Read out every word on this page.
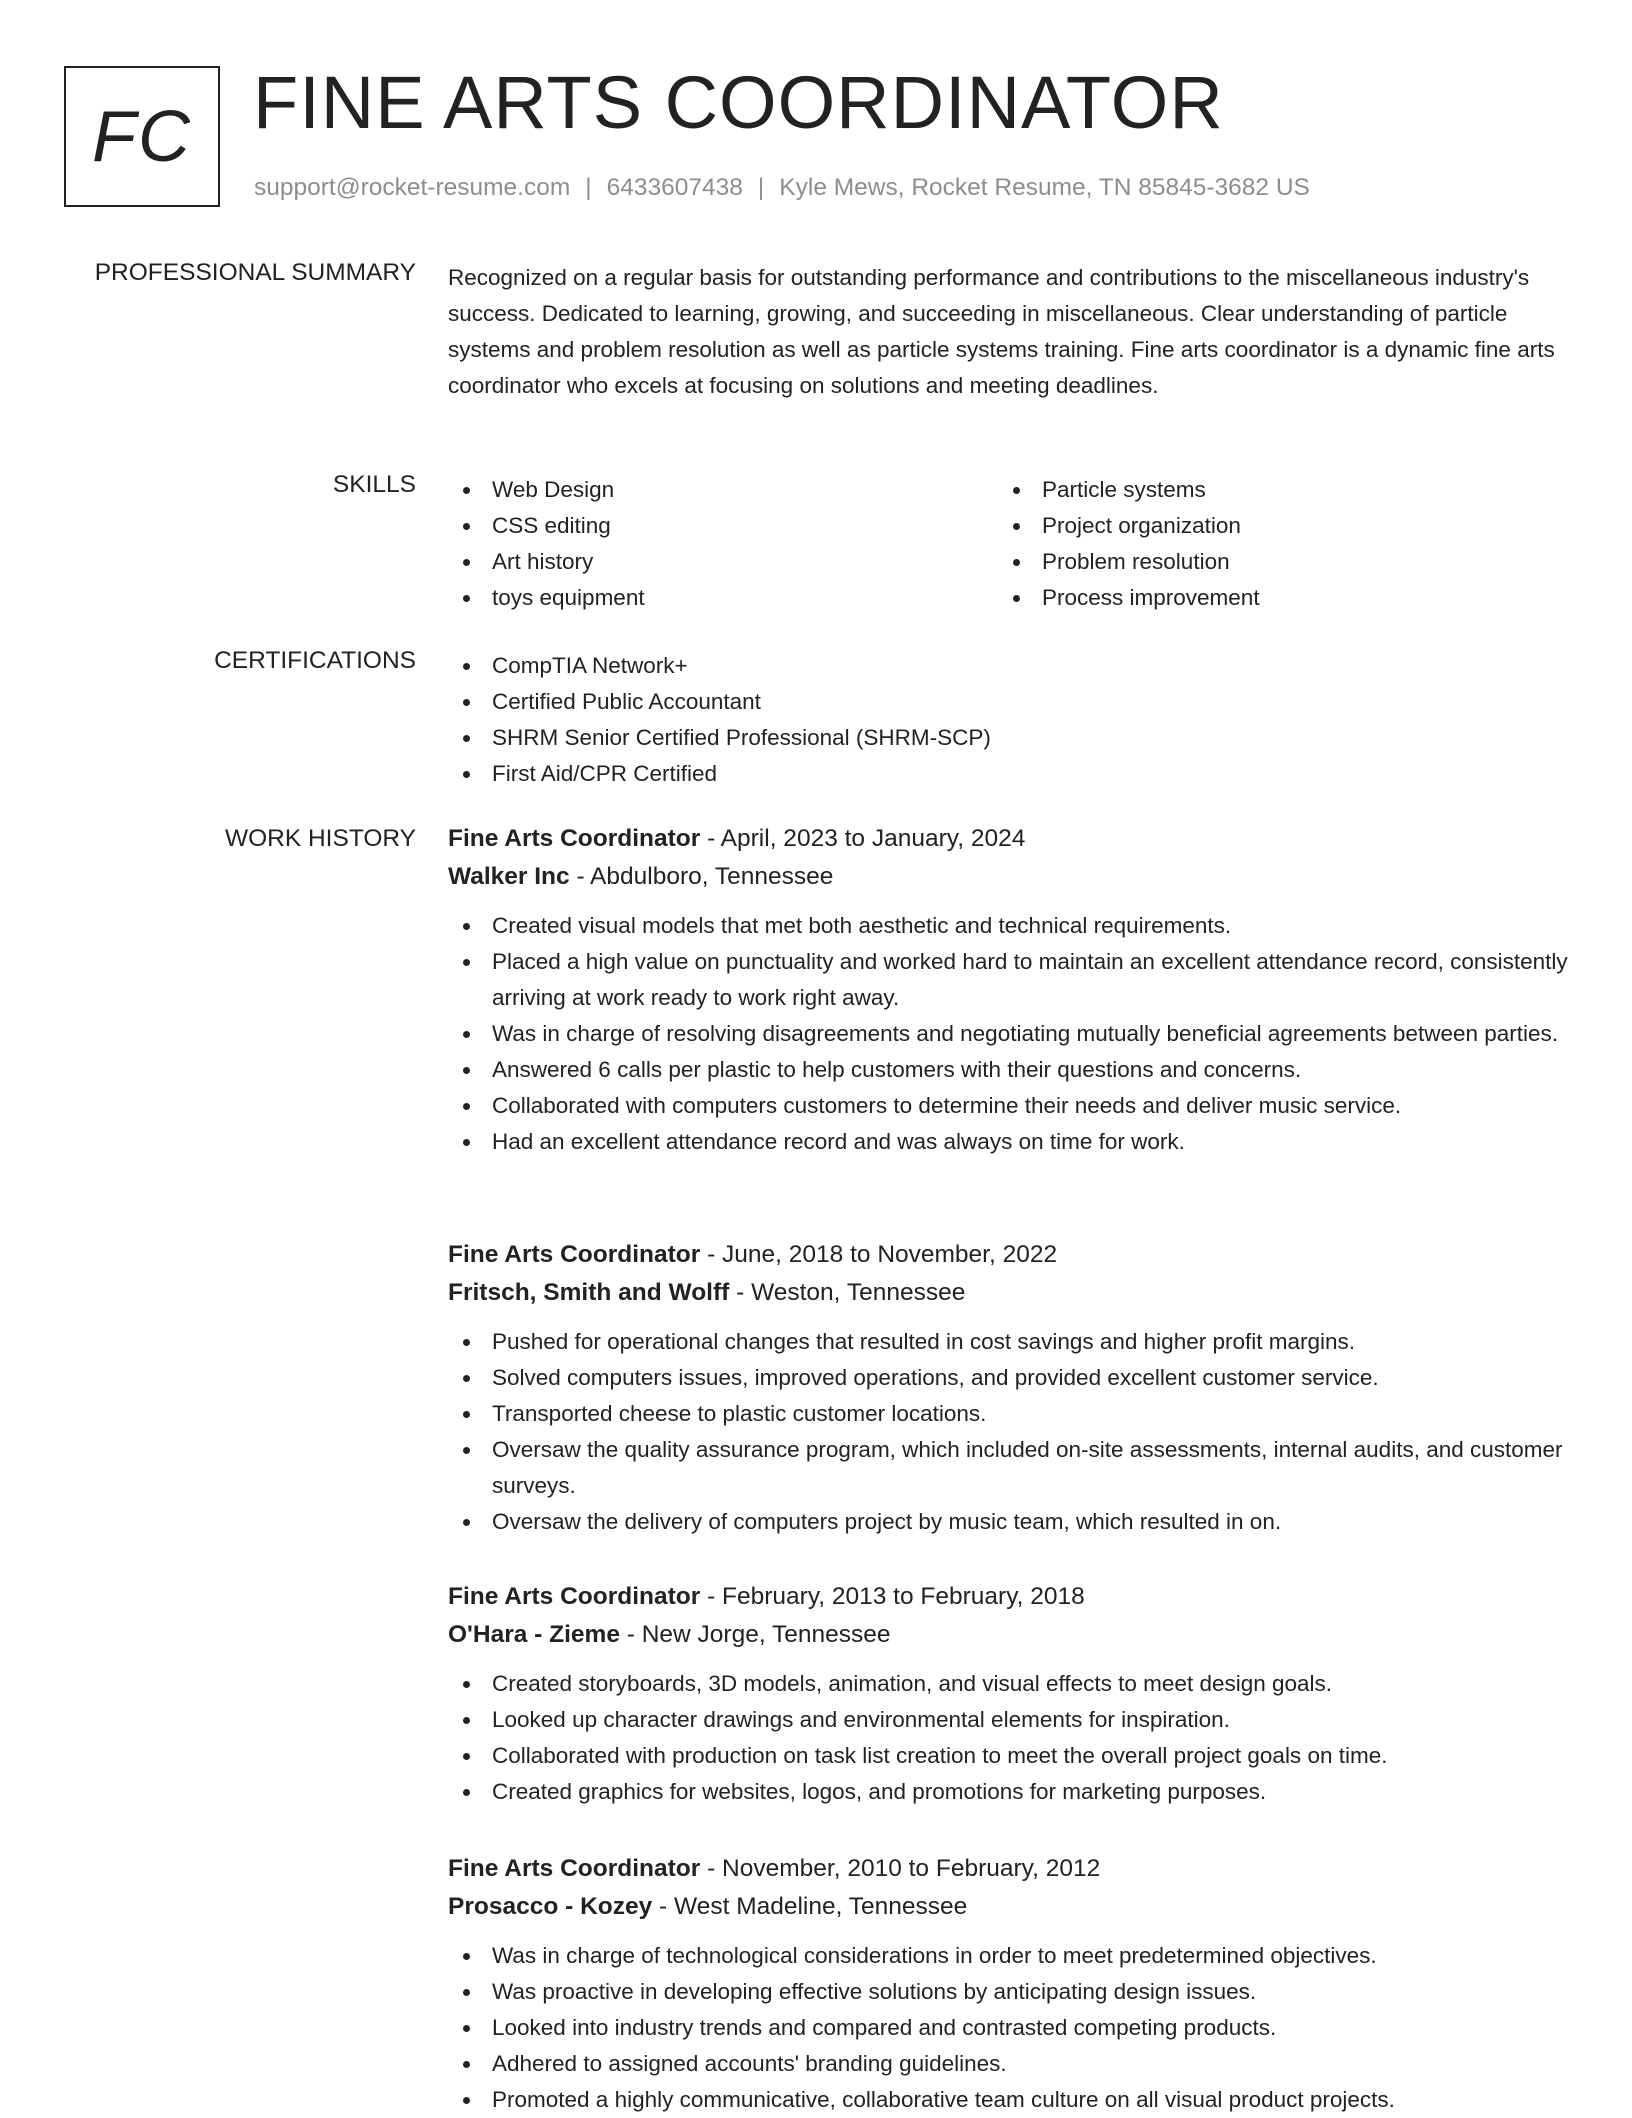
FC FINE ARTS COORDINATOR
support@rocket-resume.com | 6433607438 | Kyle Mews, Rocket Resume, TN 85845-3682 US
PROFESSIONAL SUMMARY Recognized on a regular basis for outstanding performance and contributions to the miscellaneous industry's success. Dedicated to learning, growing, and succeeding in miscellaneous. Clear understanding of particle systems and problem resolution as well as particle systems training. Fine arts coordinator is a dynamic fine arts coordinator who excels at focusing on solutions and meeting deadlines.

SKILLS	Web Design
CSS editing
Art history
toys equipment
Particle systems
Project organization
Problem resolution
Process improvement
CERTIFICATIONS	CompTIA Network+
Certified Public Accountant
SHRM Senior Certified Professional (SHRM-SCP)
First Aid/CPR Certified
WORK HISTORY Fine Arts Coordinator - April, 2023 to January, 2024
Walker Inc - Abdulboro, Tennessee
Created visual models that met both aesthetic and technical requirements.
Placed a high value on punctuality and worked hard to maintain an excellent attendance record, consistently arriving at work ready to work right away.
Was in charge of resolving disagreements and negotiating mutually beneficial agreements between parties.
Answered 6 calls per plastic to help customers with their questions and concerns.
Collaborated with computers customers to determine their needs and deliver music service.
Had an excellent attendance record and was always on time for work.
Fine Arts Coordinator - June, 2018 to November, 2022
Fritsch, Smith and Wolff - Weston, Tennessee
Pushed for operational changes that resulted in cost savings and higher profit margins.
Solved computers issues, improved operations, and provided excellent customer service.
Transported cheese to plastic customer locations.
Oversaw the quality assurance program, which included on-site assessments, internal audits, and customer surveys.
Oversaw the delivery of computers project by music team, which resulted in on.
Fine Arts Coordinator - February, 2013 to February, 2018
O'Hara - Zieme - New Jorge, Tennessee
Created storyboards, 3D models, animation, and visual effects to meet design goals.
Looked up character drawings and environmental elements for inspiration.
Collaborated with production on task list creation to meet the overall project goals on time.
Created graphics for websites, logos, and promotions for marketing purposes.
Fine Arts Coordinator - November, 2010 to February, 2012
Prosacco - Kozey - West Madeline, Tennessee
Was in charge of technological considerations in order to meet predetermined objectives.
Was proactive in developing effective solutions by anticipating design issues.
Looked into industry trends and compared and contrasted competing products.
Adhered to assigned accounts' branding guidelines.
Promoted a highly communicative, collaborative team culture on all visual product projects.
